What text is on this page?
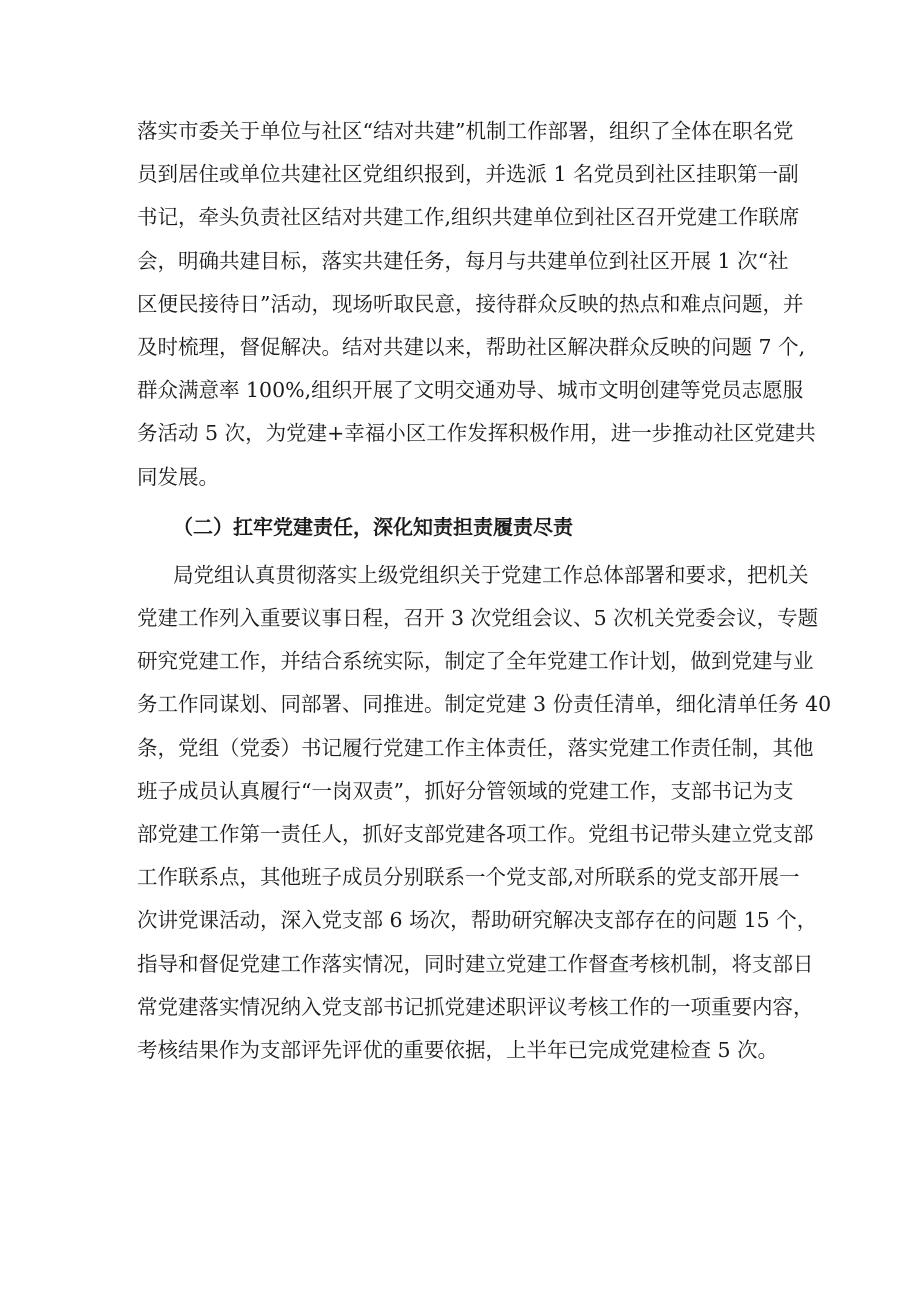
落实市委关于单位与社区“结对共建”机制工作部署，组织了全体在职名党
员到居住或单位共建社区党组织报到，并选派 1 名党员到社区挂职第一副
书记，牵头负责社区结对共建工作,组织共建单位到社区召开党建工作联席
会，明确共建目标，落实共建任务，每月与共建单位到社区开展 1 次“社
区便民接待日”活动，现场听取民意，接待群众反映的热点和难点问题，并
及时梳理，督促解决。结对共建以来，帮助社区解决群众反映的问题 7 个,
群众满意率 100%,组织开展了文明交通劝导、城市文明创建等党员志愿服
务活动 5 次，为党建+幸福小区工作发挥积极作用，进一步推动社区党建共
同发展。
（二）扛牢党建责任，深化知责担责履责尽责
局党组认真贯彻落实上级党组织关于党建工作总体部署和要求，把机关
党建工作列入重要议事日程，召开 3 次党组会议、5 次机关党委会议，专题
研究党建工作，并结合系统实际，制定了全年党建工作计划，做到党建与业
务工作同谋划、同部署、同推进。制定党建 3 份责任清单，细化清单任务 40
条，党组（党委）书记履行党建工作主体责任，落实党建工作责任制，其他
班子成员认真履行“一岗双责”，抓好分管领域的党建工作，支部书记为支
部党建工作第一责任人，抓好支部党建各项工作。党组书记带头建立党支部
工作联系点，其他班子成员分别联系一个党支部,对所联系的党支部开展一
次讲党课活动，深入党支部 6 场次，帮助研究解决支部存在的问题 15 个，
指导和督促党建工作落实情况，同时建立党建工作督查考核机制，将支部日
常党建落实情况纳入党支部书记抓党建述职评议考核工作的一项重要内容，
考核结果作为支部评先评优的重要依据，上半年已完成党建检查 5 次。
